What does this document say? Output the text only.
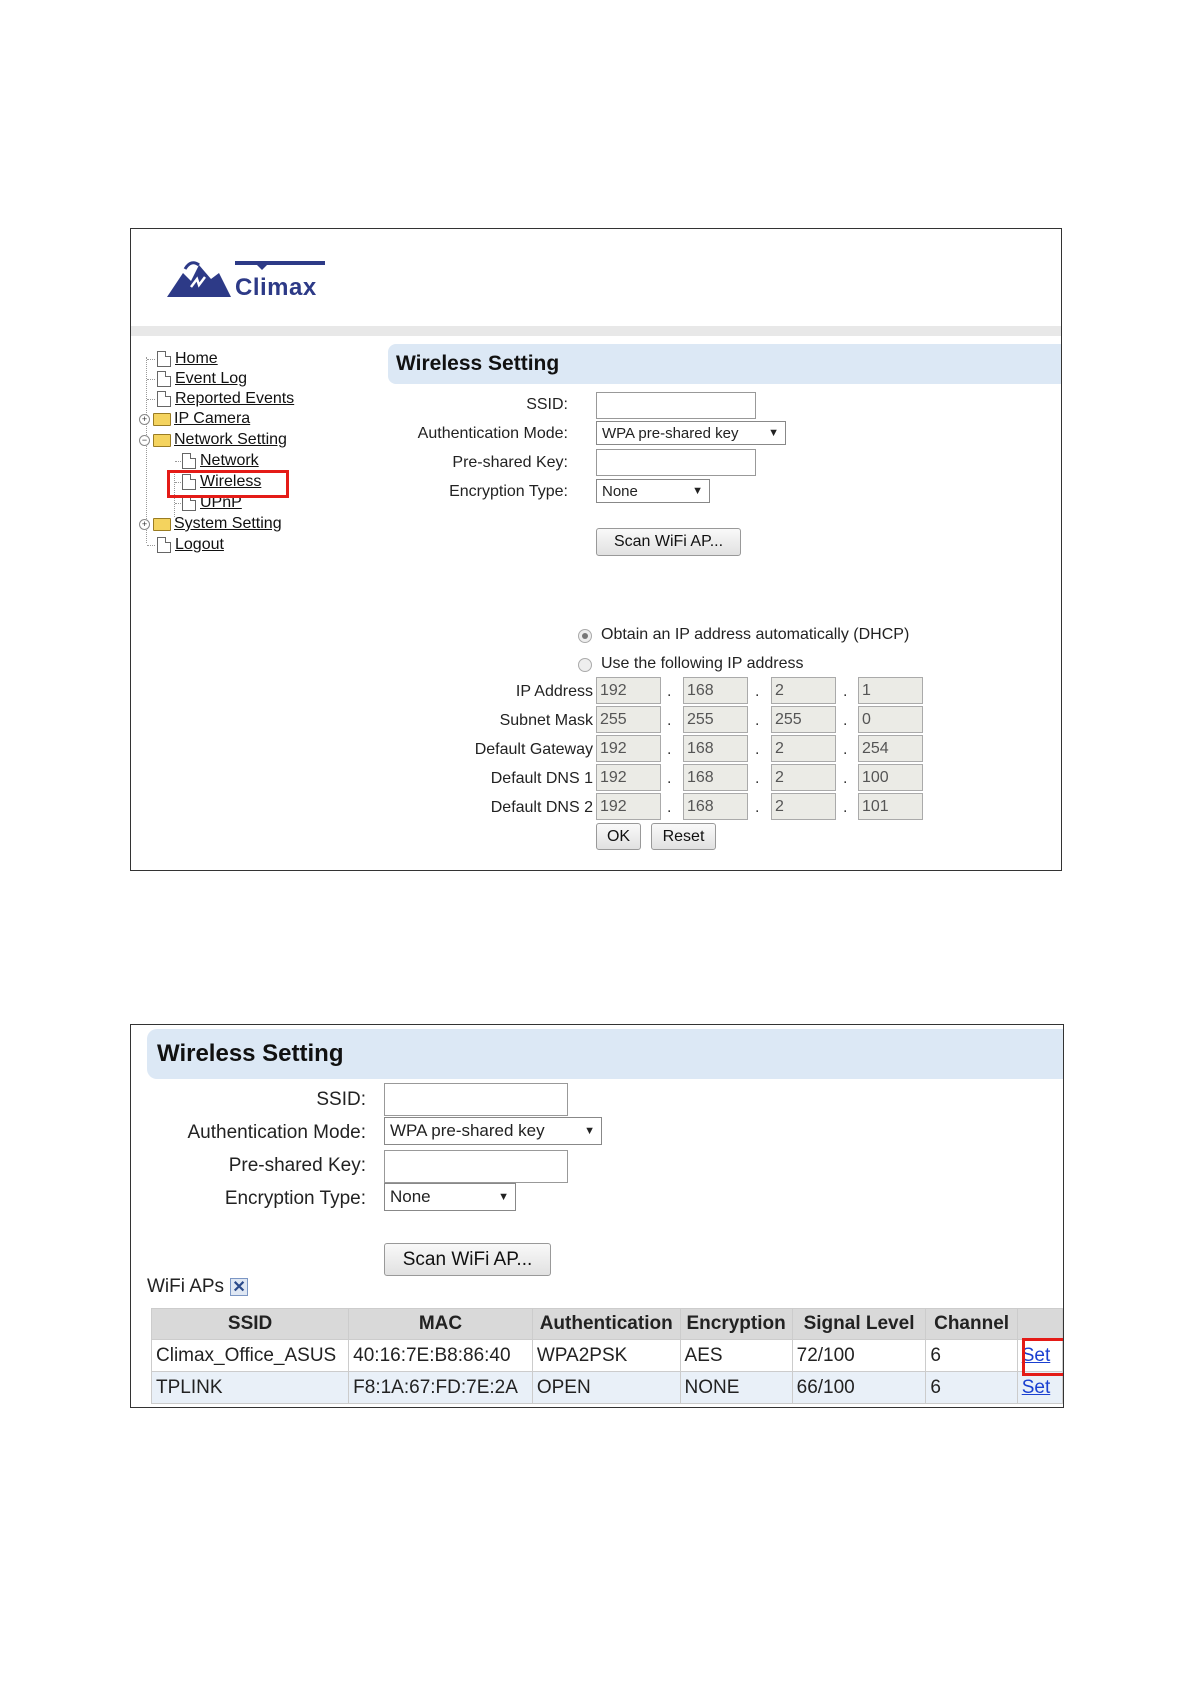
Climax
Home
Event Log
Reported Events
+ IP Camera
− Network Setting
Network
Wireless
UPnP
+ System Setting
Logout
Wireless Setting
SSID:
Authentication Mode: WPA pre-shared key	▼
Pre-shared Key:
Encryption Type: None	▼
Scan WiFi AP...
Obtain an IP address automatically (DHCP)
Use the following IP address
IP Address 192	. 168	. 2	. 1
Subnet Mask 255	. 255	. 255	. 0
Default Gateway 192	. 168	. 2	. 254
Default DNS 1 192	. 168	. 2	. 100
Default DNS 2 192	. 168	. 2	. 101
OK	Reset
Wireless Setting
SSID:
Authentication Mode: WPA pre-shared key	▼
Pre-shared Key:
Encryption Type: None	▼
Scan WiFi AP...
WiFi APs ✕
SSID	MAC	Authentication	Encryption	Signal Level	Channel	
Climax_Office_ASUS	40:16:7E:B8:86:40	WPA2PSK	AES	72/100	6	Set
TPLINK	F8:1A:67:FD:7E:2A	OPEN	NONE	66/100	6	Set
